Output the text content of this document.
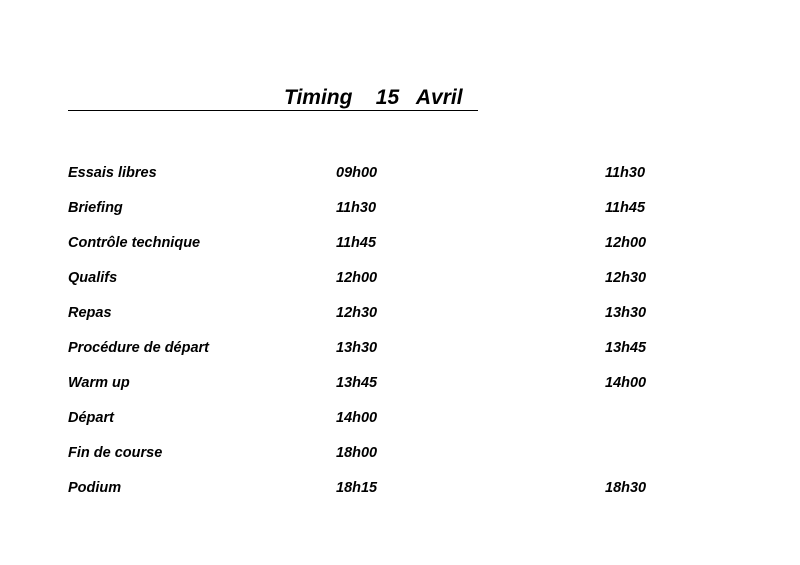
Timing    15   Avril
Essais libres	09h00	11h30
Briefing	11h30	11h45
Contrôle technique	11h45	12h00
Qualifs	12h00	12h30
Repas	12h30	13h30
Procédure de départ	13h30	13h45
Warm up	13h45	14h00
Départ	14h00
Fin de course	18h00
Podium	18h15	18h30
